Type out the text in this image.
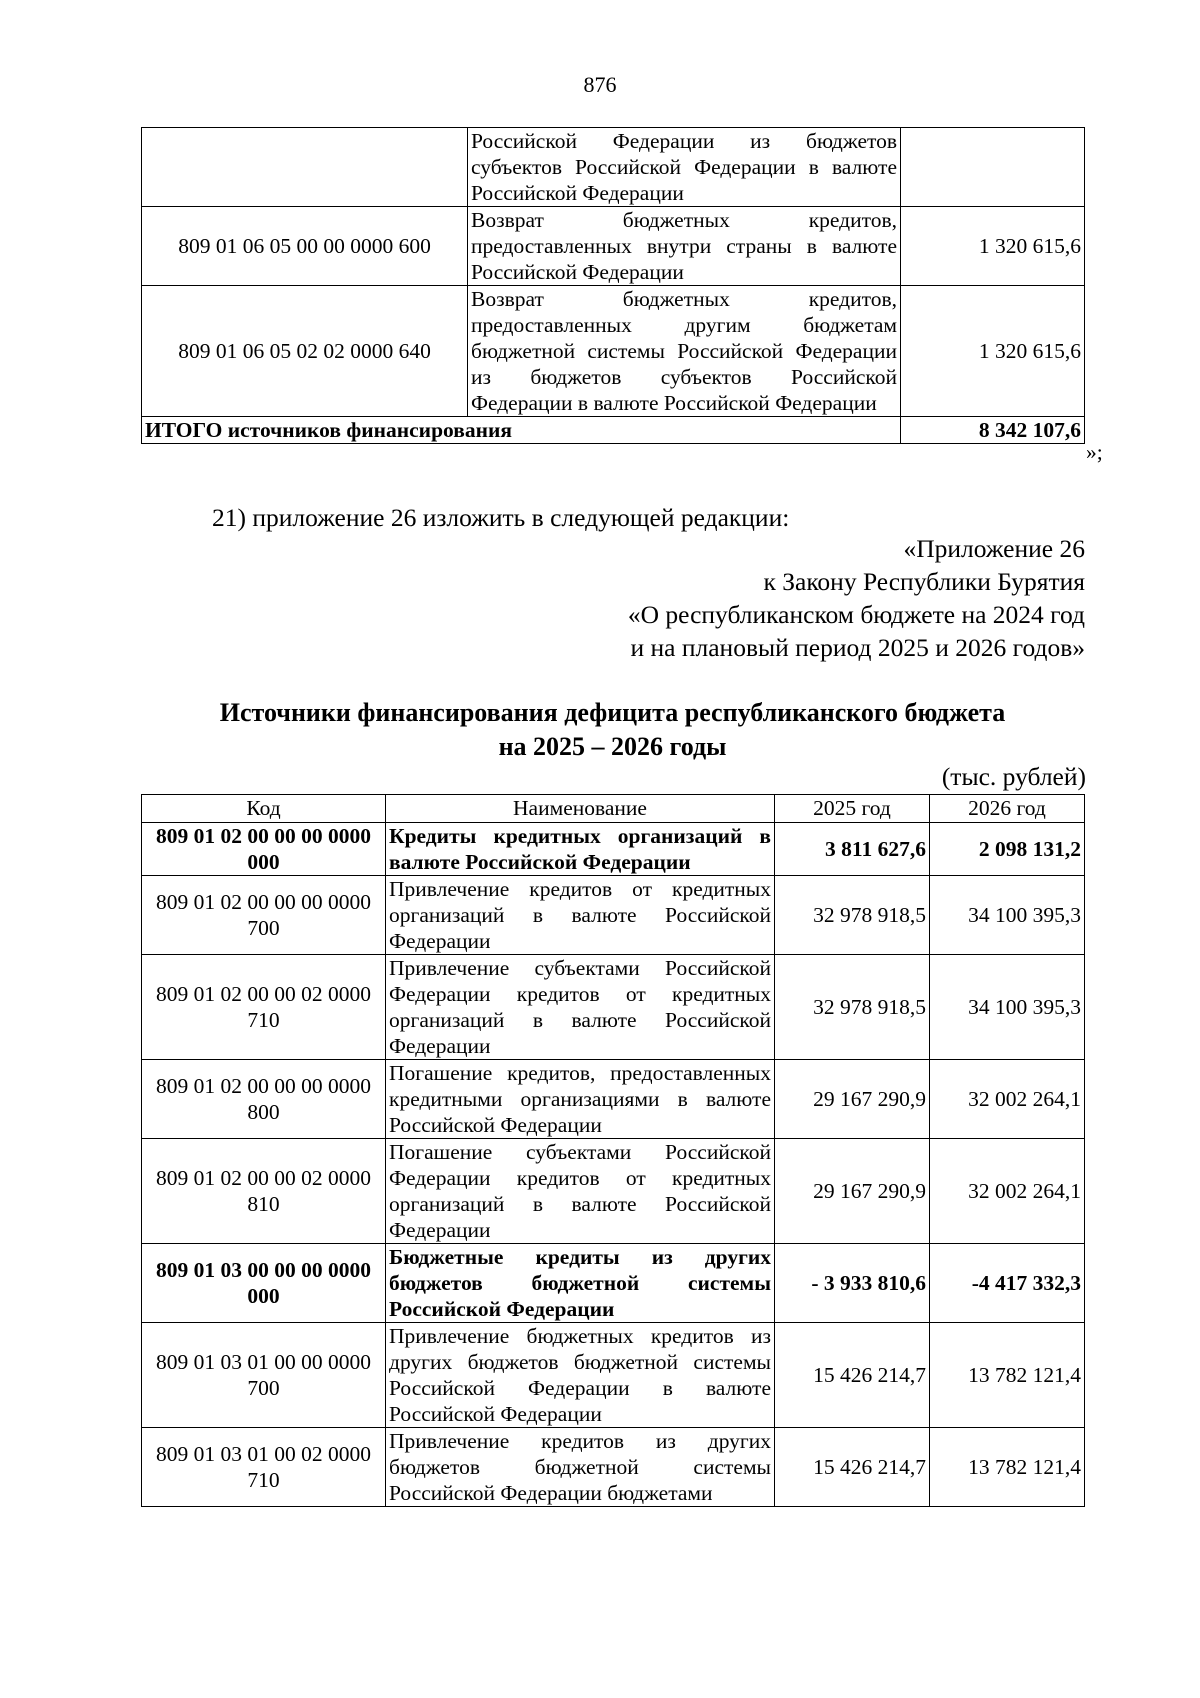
876
	Российской Федерации из бюджетов субъектов Российской Федерации в валюте Российской Федерации	
809 01 06 05 00 00 0000 600	Возврат бюджетных кредитов, предоставленных внутри страны в валюте Российской Федерации	1 320 615,6
809 01 06 05 02 02 0000 640	Возврат бюджетных кредитов, предоставленных другим бюджетам бюджетной системы Российской Федерации из бюджетов субъектов Российской Федерации в валюте Российской Федерации	1 320 615,6
ИТОГО источников финансирования		8 342 107,6
»;
21) приложение 26 изложить в следующей редакции:
«Приложение 26
к Закону Республики Бурятия
«О республиканском бюджете на 2024 год
и на плановый период 2025 и 2026 годов»
Источники финансирования дефицита республиканского бюджета
на 2025 – 2026 годы
(тыс. рублей)
Код	Наименование	2025 год	2026 год
809 01 02 00 00 00 0000 000	Кредиты кредитных организаций в валюте Российской Федерации	3 811 627,6	2 098 131,2
809 01 02 00 00 00 0000 700	Привлечение кредитов от кредитных организаций в валюте Российской Федерации	32 978 918,5	34 100 395,3
809 01 02 00 00 02 0000 710	Привлечение субъектами Российской Федерации кредитов от кредитных организаций в валюте Российской Федерации	32 978 918,5	34 100 395,3
809 01 02 00 00 00 0000 800	Погашение кредитов, предоставленных кредитными организациями в валюте Российской Федерации	29 167 290,9	32 002 264,1
809 01 02 00 00 02 0000 810	Погашение субъектами Российской Федерации кредитов от кредитных организаций в валюте Российской Федерации	29 167 290,9	32 002 264,1
809 01 03 00 00 00 0000 000	Бюджетные кредиты из других бюджетов бюджетной системы Российской Федерации	- 3 933 810,6	-4 417 332,3
809 01 03 01 00 00 0000 700	Привлечение бюджетных кредитов из других бюджетов бюджетной системы Российской Федерации в валюте Российской Федерации	15 426 214,7	13 782 121,4
809 01 03 01 00 02 0000 710	Привлечение кредитов из других бюджетов бюджетной системы Российской Федерации бюджетами	15 426 214,7	13 782 121,4
